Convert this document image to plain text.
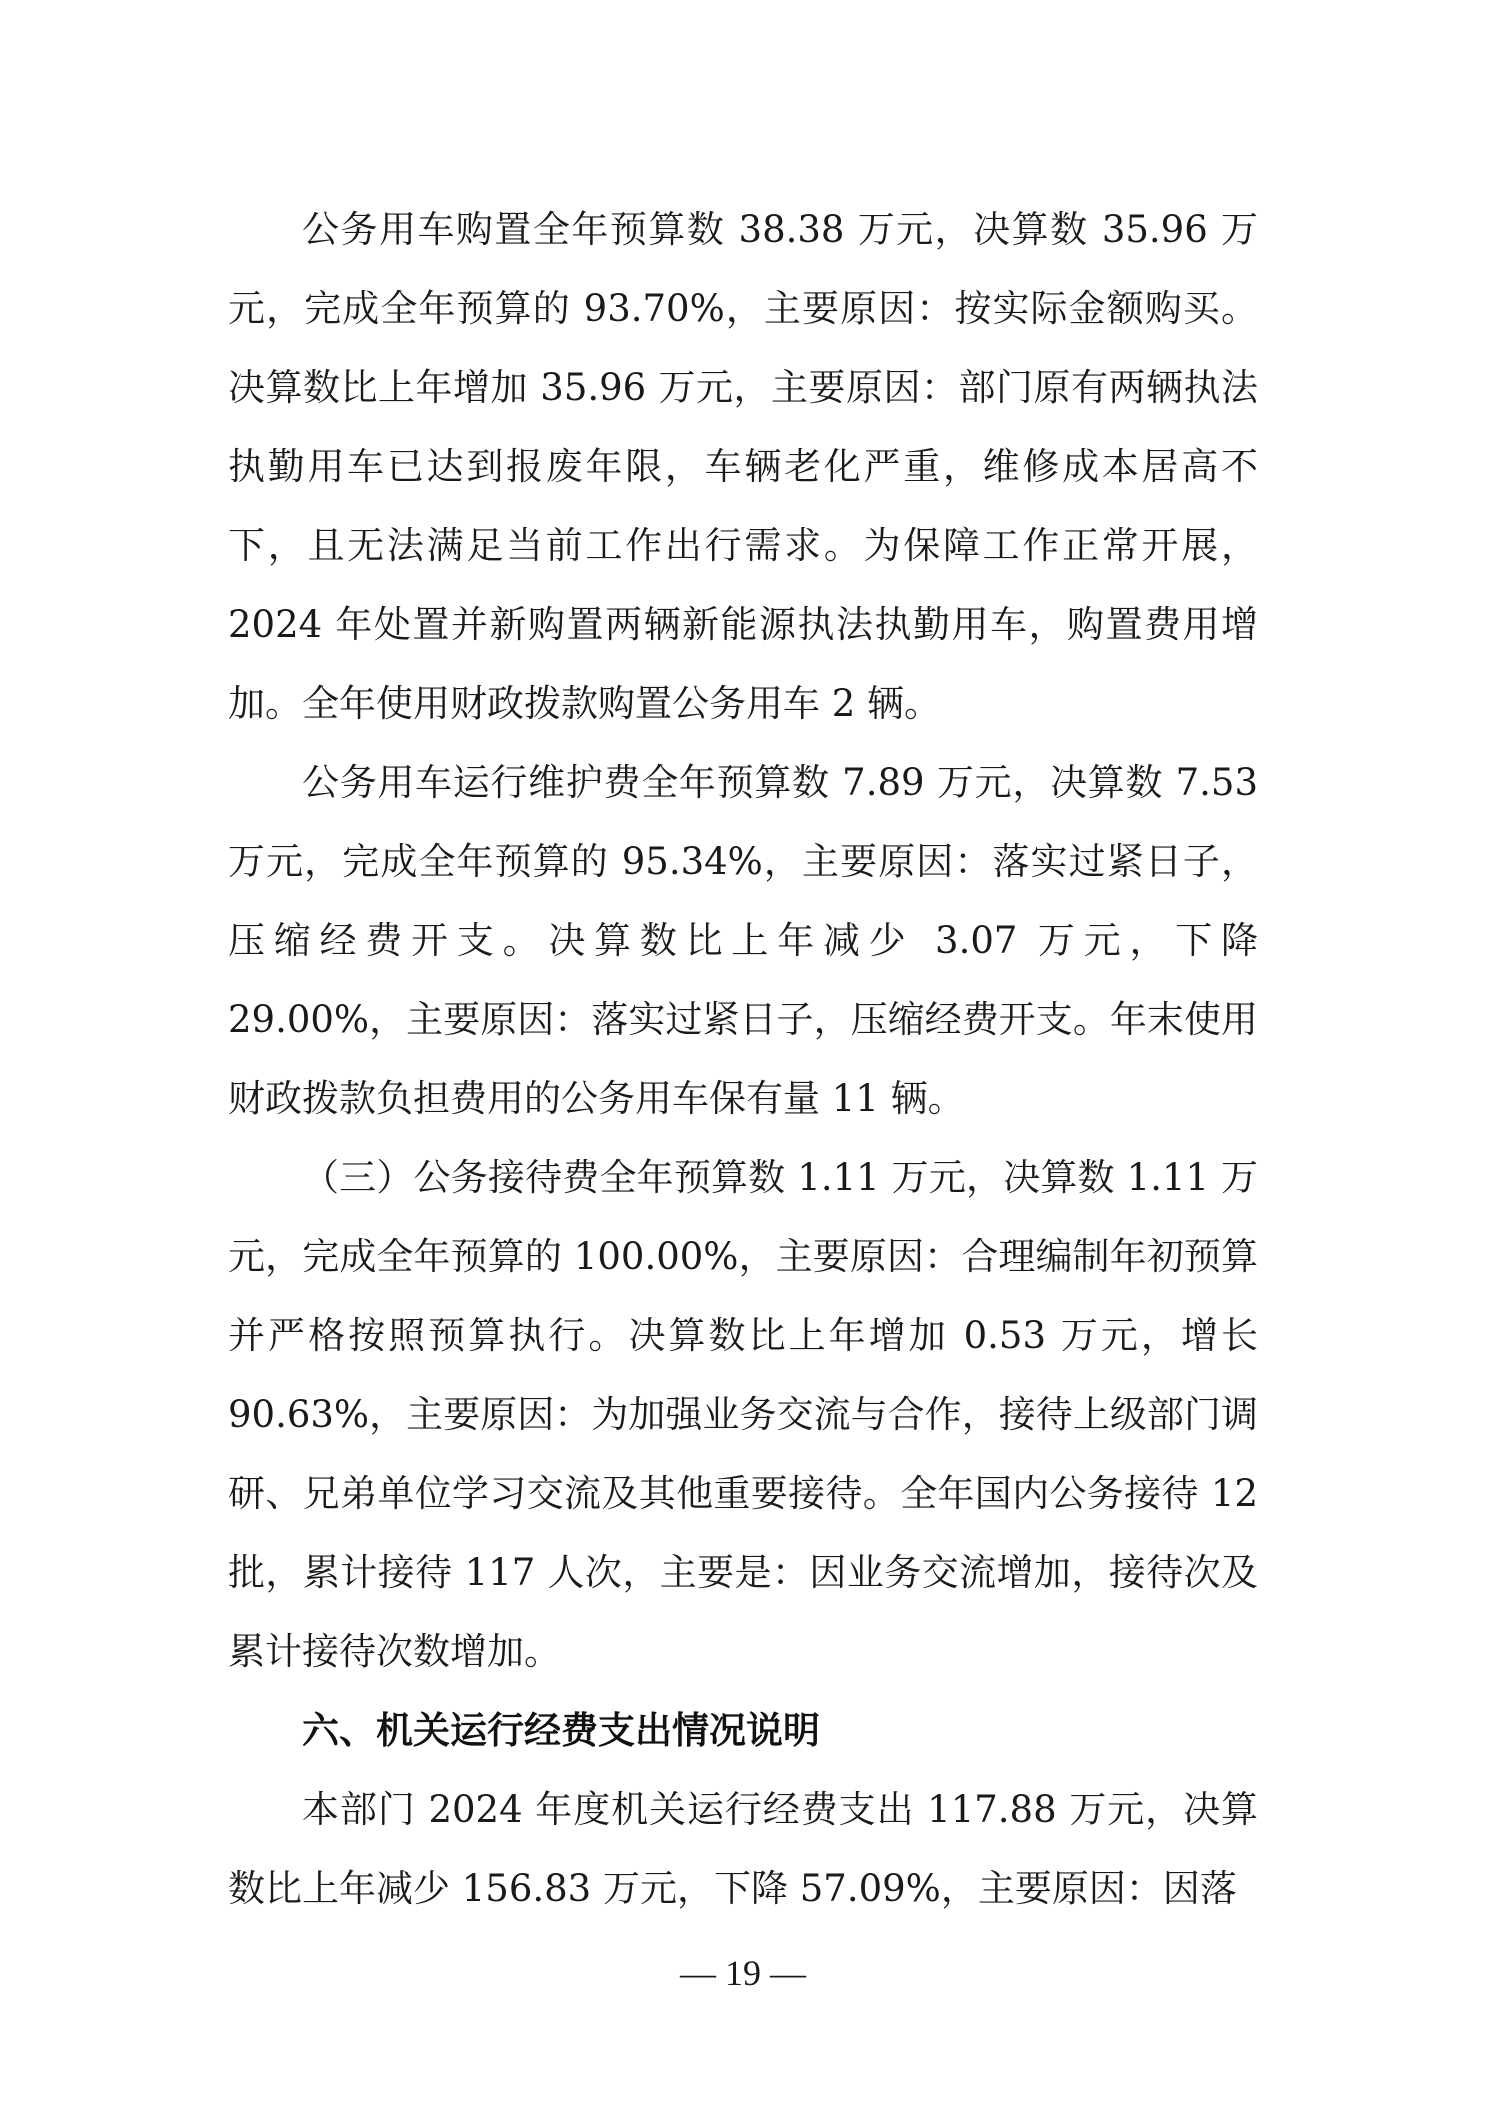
公务用车购置全年预算数 38.38 万元，决算数 35.96 万元，完成全年预算的 93.70%，主要原因：按实际金额购买。决算数比上年增加 35.96 万元，主要原因：部门原有两辆执法执勤用车已达到报废年限，车辆老化严重，维修成本居高不下，且无法满足当前工作出行需求。为保障工作正常开展，2024 年处置并新购置两辆新能源执法执勤用车，购置费用增加。全年使用财政拨款购置公务用车 2 辆。

公务用车运行维护费全年预算数 7.89 万元，决算数 7.53 万元，完成全年预算的 95.34%，主要原因：落实过紧日子，压缩经费开支。决算数比上年减少 3.07 万元，下降 29.00%，主要原因：落实过紧日子，压缩经费开支。年末使用财政拨款负担费用的公务用车保有量 11 辆。

（三）公务接待费全年预算数 1.11 万元，决算数 1.11 万元，完成全年预算的 100.00%，主要原因：合理编制年初预算并严格按照预算执行。决算数比上年增加 0.53 万元，增长 90.63%，主要原因：为加强业务交流与合作，接待上级部门调研、兄弟单位学习交流及其他重要接待。全年国内公务接待 12 批，累计接待 117 人次，主要是：因业务交流增加，接待次及累计接待次数增加。

六、机关运行经费支出情况说明

本部门 2024 年度机关运行经费支出 117.88 万元，决算数比上年减少 156.83 万元，下降 57.09%，主要原因：因落

— 19 —
